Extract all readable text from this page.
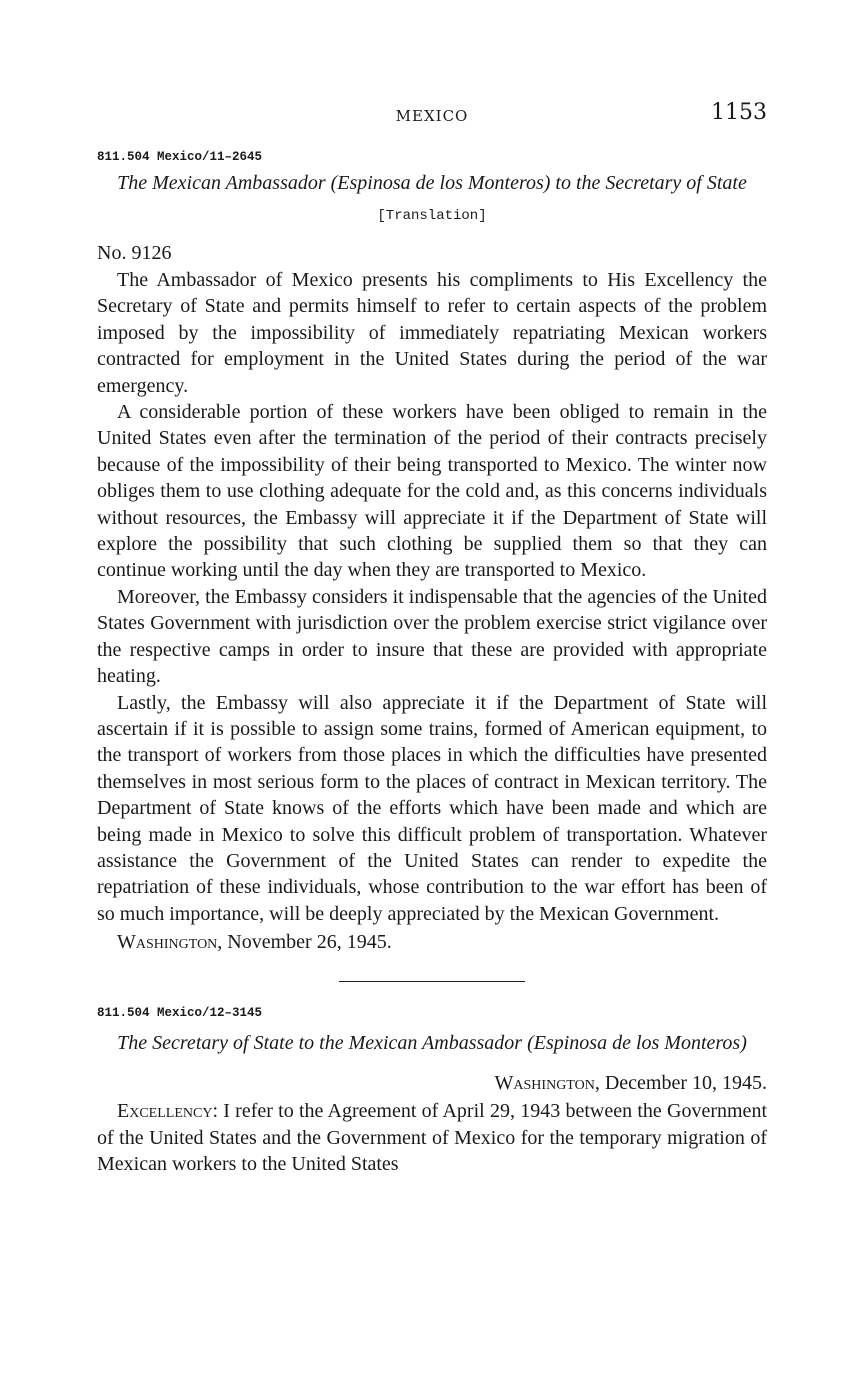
MEXICO	1153
811.504 Mexico/11–2645
The Mexican Ambassador (Espinosa de los Monteros) to the Secretary of State
[Translation]
No. 9126

The Ambassador of Mexico presents his compliments to His Excellency the Secretary of State and permits himself to refer to certain aspects of the problem imposed by the impossibility of immediately repatriating Mexican workers contracted for employment in the United States during the period of the war emergency.

A considerable portion of these workers have been obliged to remain in the United States even after the termination of the period of their contracts precisely because of the impossibility of their being transported to Mexico. The winter now obliges them to use clothing adequate for the cold and, as this concerns individuals without resources, the Embassy will appreciate it if the Department of State will explore the possibility that such clothing be supplied them so that they can continue working until the day when they are transported to Mexico.

Moreover, the Embassy considers it indispensable that the agencies of the United States Government with jurisdiction over the problem exercise strict vigilance over the respective camps in order to insure that these are provided with appropriate heating.

Lastly, the Embassy will also appreciate it if the Department of State will ascertain if it is possible to assign some trains, formed of American equipment, to the transport of workers from those places in which the difficulties have presented themselves in most serious form to the places of contract in Mexican territory. The Department of State knows of the efforts which have been made and which are being made in Mexico to solve this difficult problem of transportation. Whatever assistance the Government of the United States can render to expedite the repatriation of these individuals, whose contribution to the war effort has been of so much importance, will be deeply appreciated by the Mexican Government.

Washington, November 26, 1945.
811.504 Mexico/12–3145
The Secretary of State to the Mexican Ambassador (Espinosa de los Monteros)
Washington, December 10, 1945.

Excellency: I refer to the Agreement of April 29, 1943 between the Government of the United States and the Government of Mexico for the temporary migration of Mexican workers to the United States
